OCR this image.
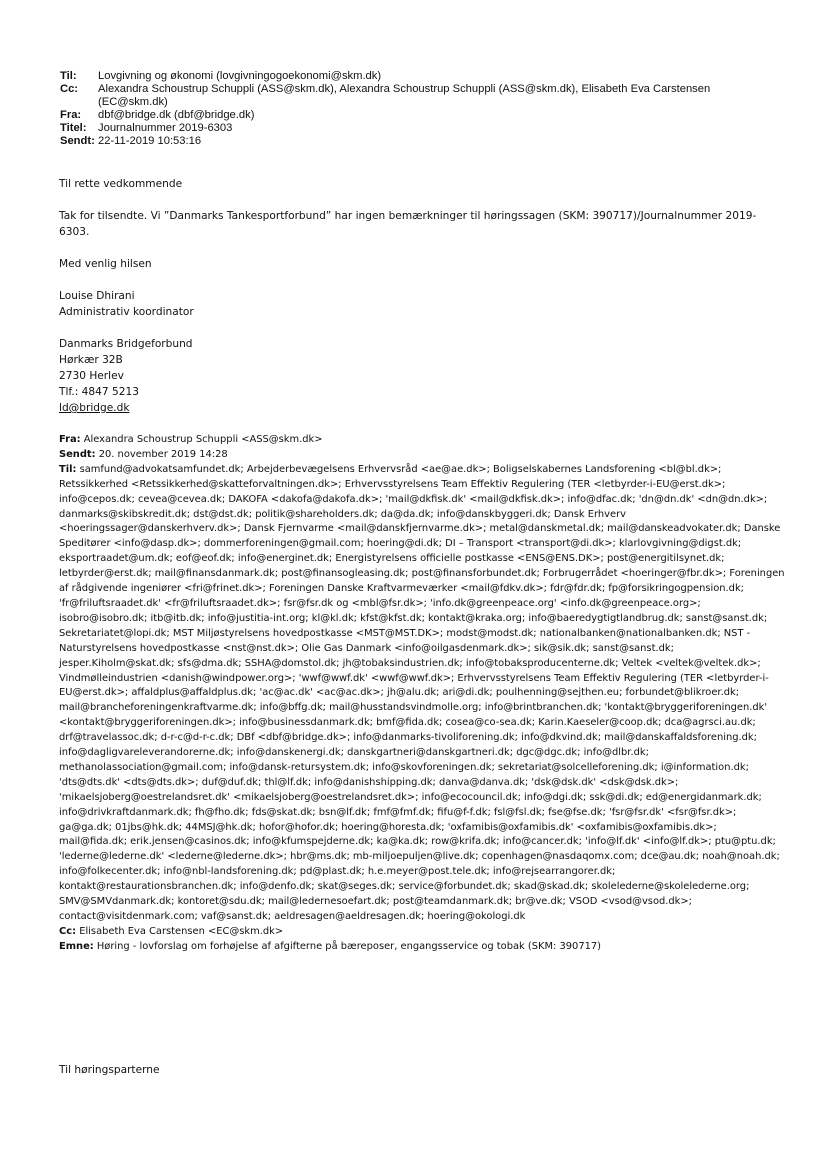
Til:	Lovgivning og økonomi (lovgivningogoekonomi@skm.dk)
Cc:	Alexandra Schoustrup Schuppli (ASS@skm.dk), Alexandra Schoustrup Schuppli (ASS@skm.dk), Elisabeth Eva Carstensen (EC@skm.dk)
Fra:	dbf@bridge.dk (dbf@bridge.dk)
Titel:	Journalnummer 2019-6303
Sendt: 22-11-2019 10:53:16

Til rette vedkommende

Tak for tilsendte. Vi ”Danmarks Tankesportforbund” har ingen bemærkninger til høringssagen (SKM: 390717)/Journalnummer 2019-6303.

Med venlig hilsen

Louise Dhirani

Administrativ koordinator

Danmarks Bridgeforbund

Hørkær 32B

2730 Herlev

Tlf.: 4847 5213

ld@bridge.dk

Fra: Alexandra Schoustrup Schuppli <ASS@skm.dk>

Sendt: 20. november 2019 14:28

Til: samfund@advokatsamfundet.dk; Arbejderbevægelsens Erhvervsråd <ae@ae.dk>; Boligselskabernes Landsforening <bl@bl.dk>; Retssikkerhed <Retssikkerhed@skatteforvaltningen.dk>; Erhvervsstyrelsens Team Effektiv Regulering (TER <letbyrder-i-EU@erst.dk>; info@cepos.dk; cevea@cevea.dk; DAKOFA <dakofa@dakofa.dk>; 'mail@dkfisk.dk' <mail@dkfisk.dk>; info@dfac.dk; 'dn@dn.dk' <dn@dn.dk>; danmarks@skibskredit.dk; dst@dst.dk; politik@shareholders.dk; da@da.dk; info@danskbyggeri.dk; Dansk Erhverv <hoeringssager@danskerhverv.dk>; Dansk Fjernvarme <mail@danskfjernvarme.dk>; metal@danskmetal.dk; mail@danskeadvokater.dk; Danske Speditører <info@dasp.dk>; dommerforeningen@gmail.com; hoering@di.dk; DI – Transport <transport@di.dk>; klarlovgivning@digst.dk; eksportraadet@um.dk; eof@eof.dk; info@energinet.dk; Energistyrelsens officielle postkasse <ENS@ENS.DK>; post@energitilsynet.dk; letbyrder@erst.dk; mail@finansdanmark.dk; post@finansogleasing.dk; post@finansforbundet.dk; Forbrugerrådet <hoeringer@fbr.dk>; Foreningen af rådgivende ingeniører <fri@frinet.dk>; Foreningen Danske Kraftvarmeværker <mail@fdkv.dk>; fdr@fdr.dk; fp@forsikringogpension.dk; 'fr@friluftsraadet.dk' <fr@friluftsraadet.dk>; fsr@fsr.dk og <mbl@fsr.dk>; 'info.dk@greenpeace.org' <info.dk@greenpeace.org>; isobro@isobro.dk; itb@itb.dk; info@justitia-int.org; kl@kl.dk; kfst@kfst.dk; kontakt@kraka.org; info@baeredygtigtlandbrug.dk; sanst@sanst.dk; Sekretariatet@lopi.dk; MST Miljøstyrelsens hovedpostkasse <MST@MST.DK>; modst@modst.dk; nationalbanken@nationalbanken.dk; NST - Naturstyrelsens hovedpostkasse <nst@nst.dk>; Olie Gas Danmark <info@oilgasdenmark.dk>; sik@sik.dk; sanst@sanst.dk; jesper.Kiholm@skat.dk; sfs@dma.dk; SSHA@domstol.dk; jh@tobaksindustrien.dk; info@tobaksproducenterne.dk; Veltek <veltek@veltek.dk>; Vindmølleindustrien <danish@windpower.org>; 'wwf@wwf.dk' <wwf@wwf.dk>; Erhvervsstyrelsens Team Effektiv Regulering (TER <letbyrder-i-EU@erst.dk>; affaldplus@affaldplus.dk; 'ac@ac.dk' <ac@ac.dk>; jh@alu.dk; ari@di.dk; poulhenning@sejthen.eu; forbundet@blikroer.dk; mail@brancheforeningenkraftvarme.dk; info@bffg.dk; mail@husstandsvindmolle.org; info@brintbranchen.dk; 'kontakt@bryggeriforeningen.dk' <kontakt@bryggeriforeningen.dk>; info@businessdanmark.dk; bmf@fida.dk; cosea@co-sea.dk; Karin.Kaeseler@coop.dk; dca@agrsci.au.dk; drf@travelassoc.dk; d-r-c@d-r-c.dk; DBf <dbf@bridge.dk>; info@danmarks-tivoliforening.dk; info@dkvind.dk; mail@danskaffaldsforening.dk; info@dagligvareleverandorerne.dk; info@danskenergi.dk; danskgartneri@danskgartneri.dk; dgc@dgc.dk; info@dlbr.dk; methanolassociation@gmail.com; info@dansk-retursystem.dk; info@skovforeningen.dk; sekretariat@solcelleforening.dk; i@information.dk; 'dts@dts.dk' <dts@dts.dk>; duf@duf.dk; thl@lf.dk; info@danishshipping.dk; danva@danva.dk; 'dsk@dsk.dk' <dsk@dsk.dk>; 'mikaelsjoberg@oestrelandsret.dk' <mikaelsjoberg@oestrelandsret.dk>; info@ecocouncil.dk; info@dgi.dk; ssk@di.dk; ed@energidanmark.dk; info@drivkraftdanmark.dk; fh@fho.dk; fds@skat.dk; bsn@lf.dk; fmf@fmf.dk; fifu@f-f.dk; fsl@fsl.dk; fse@fse.dk; 'fsr@fsr.dk' <fsr@fsr.dk>; ga@ga.dk; 01jbs@hk.dk; 44MSJ@hk.dk; hofor@hofor.dk; hoering@horesta.dk; 'oxfamibis@oxfamibis.dk' <oxfamibis@oxfamibis.dk>; mail@fida.dk; erik.jensen@casinos.dk; info@kfumspejderne.dk; ka@ka.dk; row@krifa.dk; info@cancer.dk; 'info@lf.dk' <info@lf.dk>; ptu@ptu.dk; 'lederne@lederne.dk' <lederne@lederne.dk>; hbr@ms.dk; mb-miljoepuljen@live.dk; copenhagen@nasdaqomx.com; dce@au.dk; noah@noah.dk; info@folkecenter.dk; info@nbl-landsforening.dk; pd@plast.dk; h.e.meyer@post.tele.dk; info@rejsearrangorer.dk; kontakt@restaurationsbranchen.dk; info@denfo.dk; skat@seges.dk; service@forbundet.dk; skad@skad.dk; skolelederne@skolelederne.org; SMV@SMVdanmark.dk; kontoret@sdu.dk; mail@ledernesoefart.dk; post@teamdanmark.dk; br@ve.dk; VSOD <vsod@vsod.dk>; contact@visitdenmark.com; vaf@sanst.dk; aeldresagen@aeldresagen.dk; hoering@okologi.dk

Cc: Elisabeth Eva Carstensen <EC@skm.dk>

Emne: Høring - lovforslag om forhøjelse af afgifterne på bæreposer, engangsservice og tobak (SKM: 390717)

Til høringsparterne
